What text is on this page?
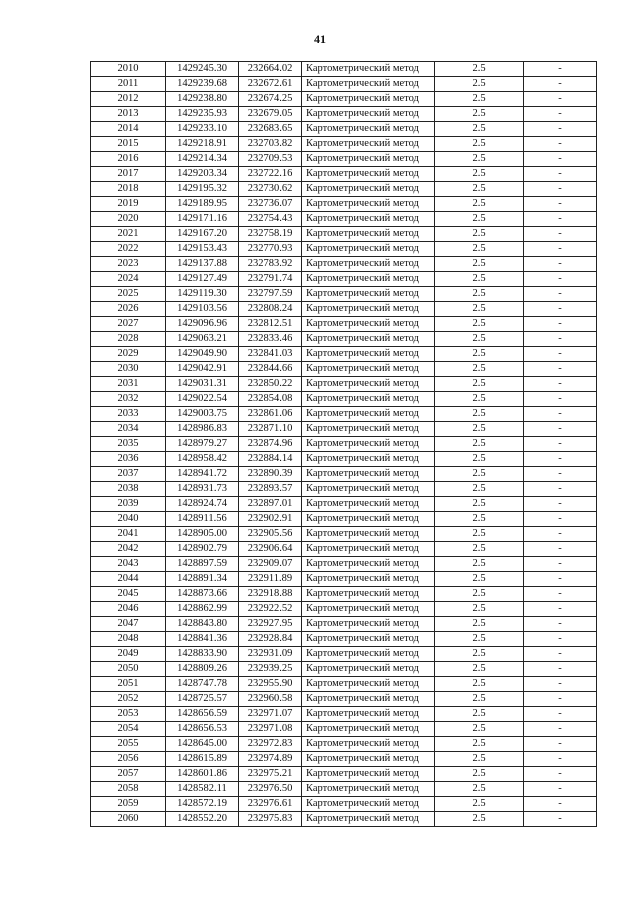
41
2010	1429245.30	232664.02	Картометрический метод	2.5	-
2011	1429239.68	232672.61	Картометрический метод	2.5	-
2012	1429238.80	232674.25	Картометрический метод	2.5	-
2013	1429235.93	232679.05	Картометрический метод	2.5	-
2014	1429233.10	232683.65	Картометрический метод	2.5	-
2015	1429218.91	232703.82	Картометрический метод	2.5	-
2016	1429214.34	232709.53	Картометрический метод	2.5	-
2017	1429203.34	232722.16	Картометрический метод	2.5	-
2018	1429195.32	232730.62	Картометрический метод	2.5	-
2019	1429189.95	232736.07	Картометрический метод	2.5	-
2020	1429171.16	232754.43	Картометрический метод	2.5	-
2021	1429167.20	232758.19	Картометрический метод	2.5	-
2022	1429153.43	232770.93	Картометрический метод	2.5	-
2023	1429137.88	232783.92	Картометрический метод	2.5	-
2024	1429127.49	232791.74	Картометрический метод	2.5	-
2025	1429119.30	232797.59	Картометрический метод	2.5	-
2026	1429103.56	232808.24	Картометрический метод	2.5	-
2027	1429096.96	232812.51	Картометрический метод	2.5	-
2028	1429063.21	232833.46	Картометрический метод	2.5	-
2029	1429049.90	232841.03	Картометрический метод	2.5	-
2030	1429042.91	232844.66	Картометрический метод	2.5	-
2031	1429031.31	232850.22	Картометрический метод	2.5	-
2032	1429022.54	232854.08	Картометрический метод	2.5	-
2033	1429003.75	232861.06	Картометрический метод	2.5	-
2034	1428986.83	232871.10	Картометрический метод	2.5	-
2035	1428979.27	232874.96	Картометрический метод	2.5	-
2036	1428958.42	232884.14	Картометрический метод	2.5	-
2037	1428941.72	232890.39	Картометрический метод	2.5	-
2038	1428931.73	232893.57	Картометрический метод	2.5	-
2039	1428924.74	232897.01	Картометрический метод	2.5	-
2040	1428911.56	232902.91	Картометрический метод	2.5	-
2041	1428905.00	232905.56	Картометрический метод	2.5	-
2042	1428902.79	232906.64	Картометрический метод	2.5	-
2043	1428897.59	232909.07	Картометрический метод	2.5	-
2044	1428891.34	232911.89	Картометрический метод	2.5	-
2045	1428873.66	232918.88	Картометрический метод	2.5	-
2046	1428862.99	232922.52	Картометрический метод	2.5	-
2047	1428843.80	232927.95	Картометрический метод	2.5	-
2048	1428841.36	232928.84	Картометрический метод	2.5	-
2049	1428833.90	232931.09	Картометрический метод	2.5	-
2050	1428809.26	232939.25	Картометрический метод	2.5	-
2051	1428747.78	232955.90	Картометрический метод	2.5	-
2052	1428725.57	232960.58	Картометрический метод	2.5	-
2053	1428656.59	232971.07	Картометрический метод	2.5	-
2054	1428656.53	232971.08	Картометрический метод	2.5	-
2055	1428645.00	232972.83	Картометрический метод	2.5	-
2056	1428615.89	232974.89	Картометрический метод	2.5	-
2057	1428601.86	232975.21	Картометрический метод	2.5	-
2058	1428582.11	232976.50	Картометрический метод	2.5	-
2059	1428572.19	232976.61	Картометрический метод	2.5	-
2060	1428552.20	232975.83	Картометрический метод	2.5	-
